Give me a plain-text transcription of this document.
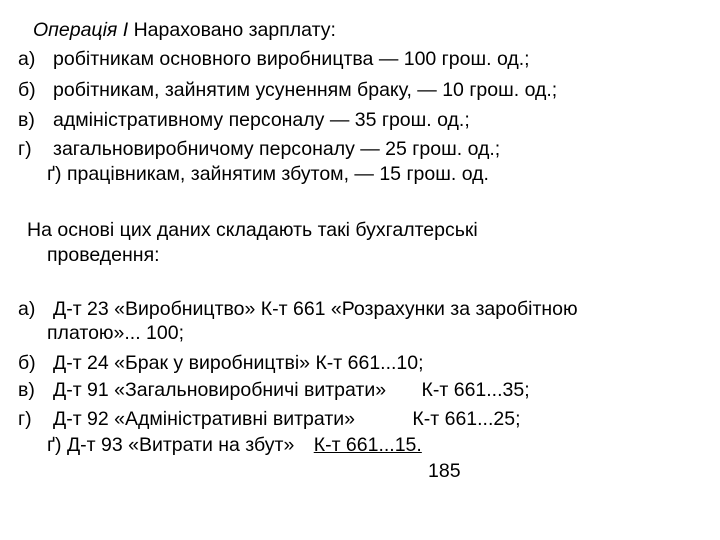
Операція І Нараховано зарплату:
а) робітникам основного виробництва — 100 грош. од.;
б) робітникам, зайнятим усуненням браку, — 10 грош. од.;
в) адміністративному персоналу — 35 грош. од.;
г) загальновиробничому персоналу — 25 грош. од.;
ґ) працівникам, зайнятим збутом, — 15 грош. од.
На основі цих даних складають такі бухгалтерські
проведення:
а) Д-т 23 «Виробництво» К-т 661 «Розрахунки за заробітною
платою»... 100;
б) Д-т 24 «Брак у виробництві» К-т 661...10;
в) Д-т 91 «Загальновиробничі витрати» К-т 661...35;
г) Д-т 92 «Адміністративні витрати»	К-т 661...25;
ґ) Д-т 93 «Витрати на збут» К-т 661...15.
185
